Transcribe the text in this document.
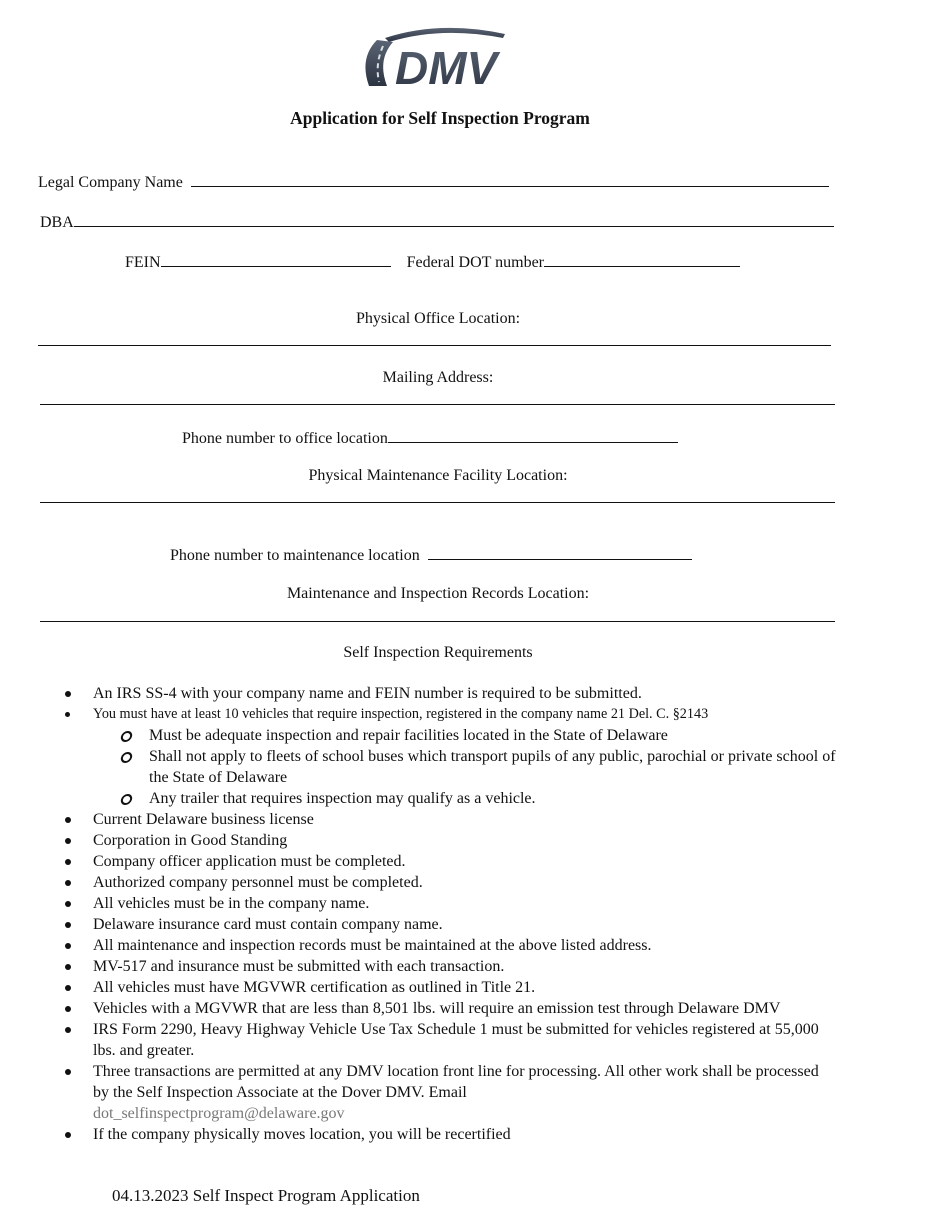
DMV
Application for Self Inspection Program
Legal Company Name
DBA
FEIN	Federal DOT number
Physical Office Location:
Mailing Address:
Phone number to office location
Physical Maintenance Facility Location:
Phone number to maintenance location
Maintenance and Inspection Records Location:
Self Inspection Requirements
An IRS SS-4 with your company name and FEIN number is required to be submitted.
You must have at least 10 vehicles that require inspection, registered in the company name 21 Del. C. §2143
Must be adequate inspection and repair facilities located in the State of Delaware
Shall not apply to fleets of school buses which transport pupils of any public, parochial or private school of the State of Delaware
Any trailer that requires inspection may qualify as a vehicle.
Current Delaware business license
Corporation in Good Standing
Company officer application must be completed.
Authorized company personnel must be completed.
All vehicles must be in the company name.
Delaware insurance card must contain company name.
All maintenance and inspection records must be maintained at the above listed address.
MV-517 and insurance must be submitted with each transaction.
All vehicles must have MGVWR certification as outlined in Title 21.
Vehicles with a MGVWR that are less than 8,501 lbs. will require an emission test through Delaware DMV
IRS Form 2290, Heavy Highway Vehicle Use Tax Schedule 1 must be submitted for vehicles registered at 55,000 lbs. and greater.
Three transactions are permitted at any DMV location front line for processing. All other work shall be processed by the Self Inspection Associate at the Dover DMV. Email
dot_selfinspectprogram@delaware.gov
If the company physically moves location, you will be recertified
04.13.2023 Self Inspect Program Application
